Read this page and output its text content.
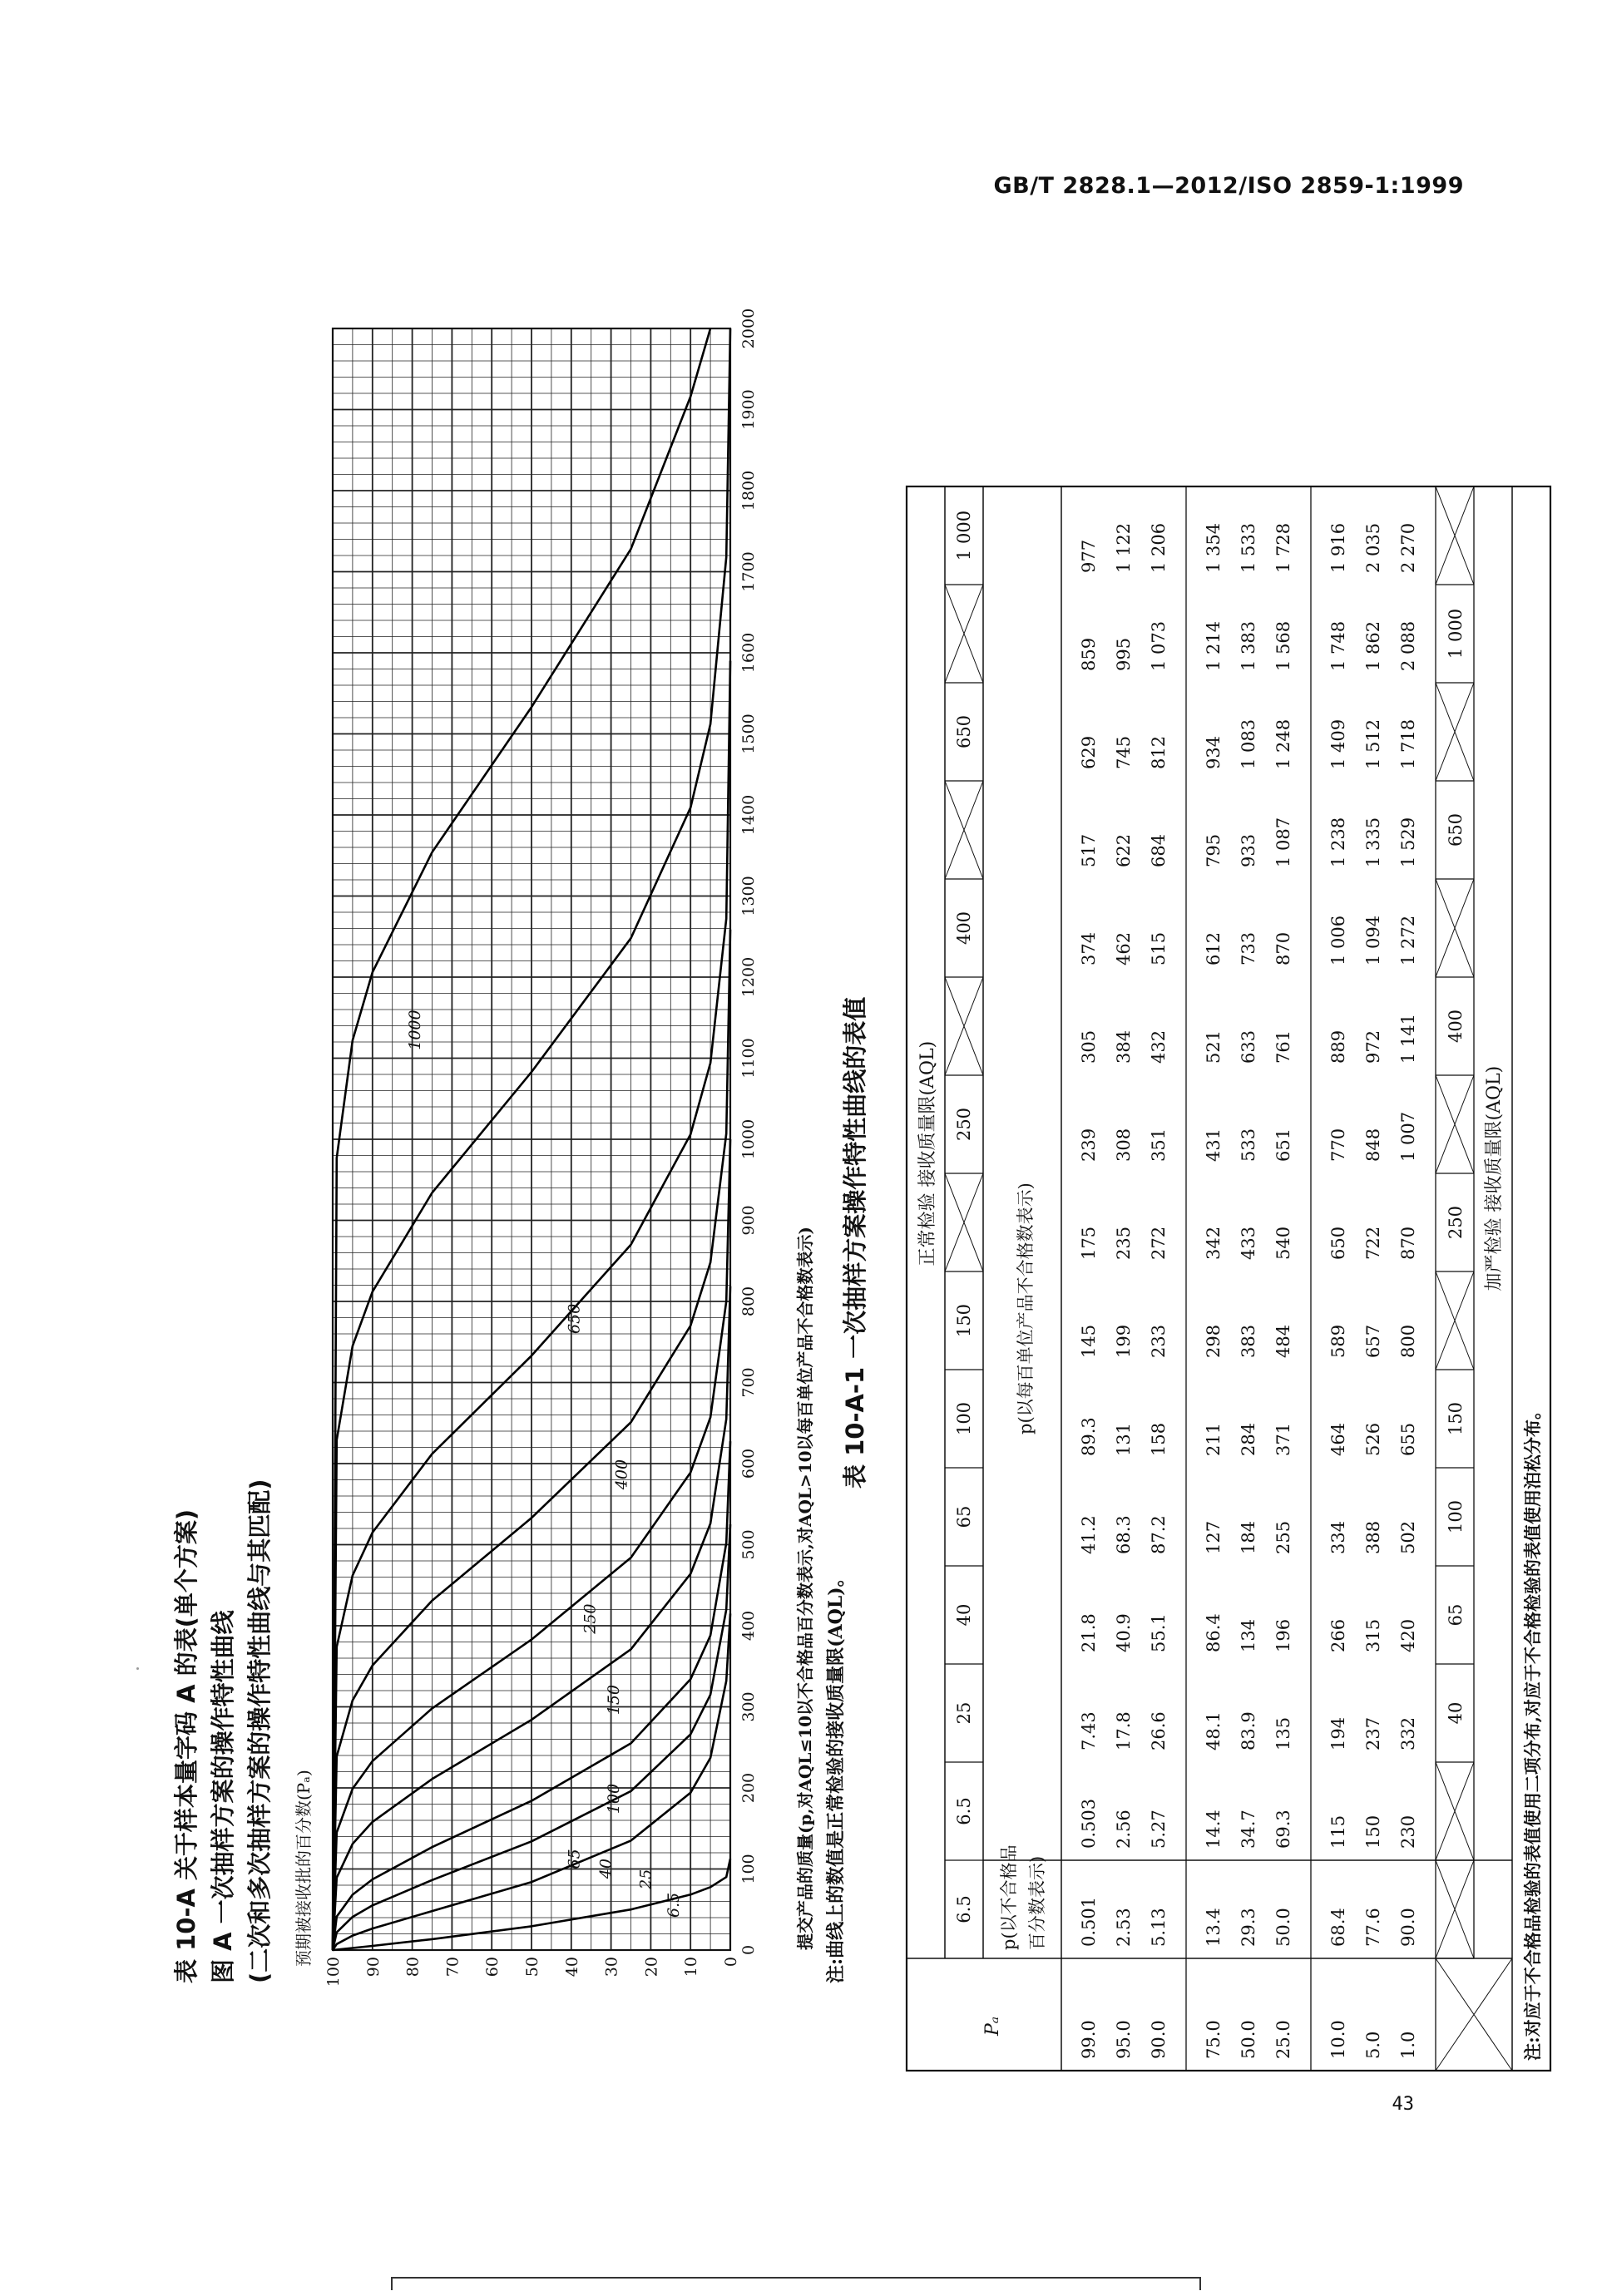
GB/T 2828.1—2012/ISO 2859-1:1999
表 10-A 关于样本量字码 A 的表(单个方案) 图 A 一次抽样方案的操作特性曲线 (二次和多次抽样方案的操作特性曲线与其匹配) 预期被接收批的百分数(Pₐ)	0
100
200
300
400
500
600
700
800
900
1000
1100
1200
1300
1400
1500
1600
1700
1800
1900
2000
0
10
20
30
40
50
60
70
80
90
100
6.5
25
40
65
100
150
250
400
650
1000
提交产品的质量(p,对AQL≤10以不合格品百分数表示,对AQL>10以每百单位产品不合格数表示) 注:曲线上的数值是正常检验的接收质量限(AQL)。
表 10-A-1 一次抽样方案操作特性曲线的表值	正常检验 接收质量限(AQL)
Pₐ
p(以不合格品 百分数表示)
p(以每百单位产品不合格数表示)
6.5
6.5
25
40
65
100
150
250
400
650
1 000
99.0
0.501
0.503
7.43
21.8
41.2
89.3
145
175
239
305
374
517
629
859
977
95.0
2.53
2.56
17.8
40.9
68.3
131
199
235
308
384
462
622
745
995
1 122
90.0
5.13
5.27
26.6
55.1
87.2
158
233
272
351
432
515
684
812
1 073
1 206
75.0
13.4
14.4
48.1
86.4
127
211
298
342
431
521
612
795
934
1 214
1 354
50.0
29.3
34.7
83.9
134
184
284
383
433
533
633
733
933
1 083
1 383
1 533
25.0
50.0
69.3
135
196
255
371
484
540
651
761
870
1 087
1 248
1 568
1 728
10.0
68.4
115
194
266
334
464
589
650
770
889
1 006
1 238
1 409
1 748
1 916
5.0
77.6
150
237
315
388
526
657
722
848
972
1 094
1 335
1 512
1 862
2 035
1.0
90.0
230
332
420
502
655
800
870
1 007
1 141
1 272
1 529
1 718
2 088
2 270
40
65
100
150
250
400
650
1 000
加严检验 接收质量限(AQL)
注:对应于不合格品检验的表值使用二项分布,对应于不合格检验的表值使用泊松分布。
43
